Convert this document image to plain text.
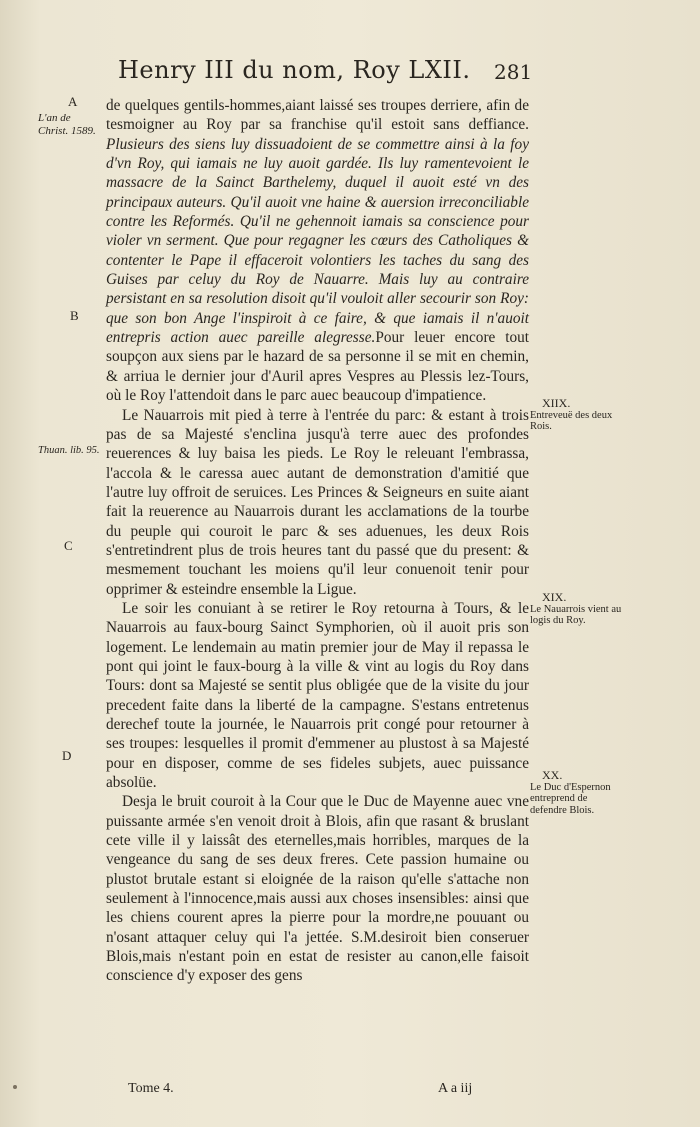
Henry III du nom, Roy LXII.	281
L'an de Christ. 1589.
Thuan. lib. 95.
A
B
C
D

de quelques gentils-hommes,aiant laissé ses troupes derriere, afin de tesmoigner au Roy par sa franchise qu'il estoit sans deffiance. Plusieurs des siens luy dissuadoient de se commettre ainsi à la foy d'vn Roy, qui iamais ne luy auoit gardée. Ils luy ramentevoient le massacre de la Sainct Barthelemy, duquel il auoit esté vn des principaux auteurs. Qu'il auoit vne haine & auersion irreconciliable contre les Reformés. Qu'il ne gehennoit iamais sa conscience pour violer vn serment. Que pour regagner les cœurs des Catholiques & contenter le Pape il effaceroit volontiers les taches du sang des Guises par celuy du Roy de Nauarre. Mais luy au contraire persistant en sa resolution disoit qu'il vouloit aller secourir son Roy: que son bon Ange l'inspiroit à ce faire, & que iamais il n'auoit entrepris action auec pareille alegresse.Pour leuer encore tout soupçon aux siens par le hazard de sa personne il se mit en chemin, & arriua le dernier jour d'Auril apres Vespres au Plessis lez-Tours, où le Roy l'attendoit dans le parc auec beaucoup d'impatience.

Le Nauarrois mit pied à terre à l'entrée du parc: & estant à trois pas de sa Majesté s'enclina jusqu'à terre auec des profondes reuerences & luy baisa les pieds. Le Roy le releuant l'embrassa, l'accola & le caressa auec autant de demonstration d'amitié que l'autre luy offroit de seruices. Les Princes & Seigneurs en suite aiant fait la reuerence au Nauarrois durant les acclamations de la tourbe du peuple qui couroit le parc & ses aduenues, les deux Rois s'entretindrent plus de trois heures tant du passé que du present: & mesmement touchant les moiens qu'il leur conuenoit tenir pour opprimer & esteindre ensemble la Ligue.

Le soir les conuiant à se retirer le Roy retourna à Tours, & le Nauarrois au faux-bourg Sainct Symphorien, où il auoit pris son logement. Le lendemain au matin premier jour de May il repassa le pont qui joint le faux-bourg à la ville & vint au logis du Roy dans Tours: dont sa Majesté se sentit plus obligée que de la visite du jour precedent faite dans la liberté de la campagne. S'estans entretenus derechef toute la journée, le Nauarrois prit congé pour retourner à ses troupes: lesquelles il promit d'emmener au plustost à sa Majesté pour en disposer, comme de ses fideles subjets, auec puissance absolüe.

Desja le bruit couroit à la Cour que le Duc de Mayenne auec vne puissante armée s'en venoit droit à Blois, afin que rasant & bruslant cete ville il y laissât des eternelles,mais horribles, marques de la vengeance du sang de ses deux freres. Cete passion humaine ou plustot brutale estant si eloignée de la raison qu'elle s'attache non seulement à l'innocence,mais aussi aux choses insensibles: ainsi que les chiens courent apres la pierre pour la mordre,ne pouuant ou n'osant attaquer celuy qui l'a jettée. S.M.desiroit bien conseruer Blois,mais n'estant poin en estat de resister au canon,elle faisoit conscience d'y exposer des gens

XIIX.
Entreveuë des deux Rois.
XIX.
Le Nauarrois vient au logis du Roy.
XX.
Le Duc d'Espernon entreprend de defendre Blois.
Tome 4.	A a iij
